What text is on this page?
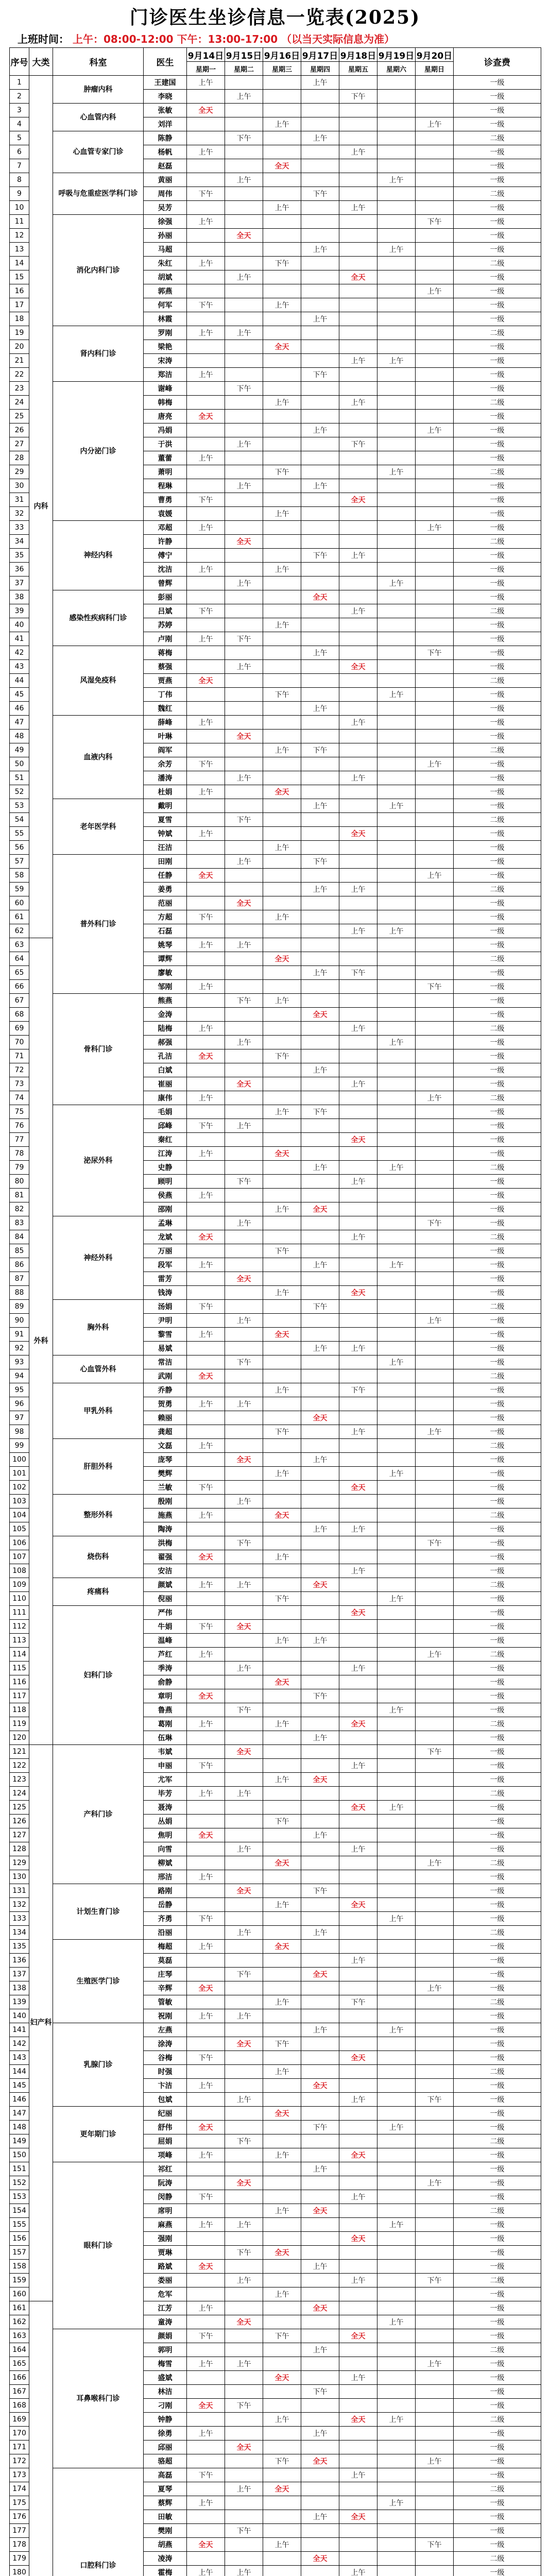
门诊医生坐诊信息一览表(2025)
上班时间： 上午：08:00-12:00 下午：13:00-17:00 （以当天实际信息为准）
序号	大类	科室	医生	9月14日	9月15日	9月16日	9月17日	9月18日	9月19日	9月20日	诊查费
				星期一	星期二	星期三	星期四	星期五	星期六	星期日	
1	内科	肿瘤内科	王建国	上午			上午				一级
2			李晓		上午			下午			一级
3		心血管内科	张敏	全天							一级
4			刘洋			上午				上午	一级
5		心血管专家门诊	陈静		下午		上午				二级
6			杨帆	上午				上午			一级
7			赵磊			全天					一级
8		呼吸与危重症医学科门诊	黄丽		上午				上午		一级
9			周伟	下午			下午				二级
10			吴芳			上午		上午			一级
11		消化内科门诊	徐强	上午						下午	一级
12			孙丽		全天						一级
13			马超				上午		上午		一级
14			朱红	上午		下午					二级
15			胡斌		上午			全天			一级
16			郭燕							上午	一级
17			何军	下午		上午					一级
18			林霞				上午				一级
19		肾内科门诊	罗刚	上午	上午						二级
20			梁艳			全天					一级
21			宋涛					上午	上午		一级
22			郑洁	上午			下午				一级
23		内分泌门诊	谢峰		下午						一级
24			韩梅			上午		上午			二级
25			唐亮	全天							一级
26			冯娟				上午			上午	一级
27			于洪		上午			下午			一级
28			董蕾	上午							一级
29			萧明			下午			上午		二级
30			程琳		上午		上午				一级
31			曹勇	下午				全天			一级
32			袁媛			上午					一级
33		神经内科	邓超	上午						上午	一级
34			许静		全天						二级
35			傅宁				下午	上午			一级
36			沈洁	上午		上午					一级
37			曾辉		上午				上午		一级
38		感染性疾病科门诊	彭丽				全天				一级
39			吕斌	下午				上午			二级
40			苏婷			上午					一级
41			卢刚	上午	下午						一级
42		风湿免疫科	蒋梅				上午			下午	一级
43			蔡强		上午			全天			一级
44			贾燕	全天							二级
45			丁伟			下午			上午		一级
46			魏红				上午				一级
47		血液内科	薛峰	上午				上午			一级
48			叶琳		全天						一级
49			阎军			上午	下午				二级
50			余芳	下午						上午	一级
51			潘涛		上午			上午			一级
52			杜娟	上午		全天					一级
53		老年医学科	戴明				上午		上午		一级
54			夏雪		下午						二级
55			钟斌	上午				全天			一级
56			汪洁			上午					一级
57		普外科门诊	田刚		上午		下午				一级
58			任静	全天						上午	一级
59			姜勇				上午	上午			二级
60			范丽		全天						一级
61			方超	下午		上午					一级
62			石磊					上午	上午		一级
63	外科		姚琴	上午	上午						一级
64			谭辉			全天					二级
65			廖敏				上午	下午			一级
66			邹刚	上午						下午	一级
67		骨科门诊	熊燕		下午	上午					一级
68			金涛				全天				一级
69			陆梅	上午				上午			二级
70			郝强		上午				上午		一级
71			孔洁	全天		下午					一级
72			白斌				上午				一级
73			崔丽		全天			上午			一级
74			康伟	上午						上午	二级
75		泌尿外科	毛娟			上午	下午				一级
76			邱峰	下午	上午						一级
77			秦红					全天			一级
78			江涛	上午		全天					一级
79			史静				上午		上午		二级
80			顾明		下午			上午			一级
81			侯燕	上午							一级
82			邵刚			上午	全天				一级
83		神经外科	孟琳		上午					下午	一级
84			龙斌	全天				上午			二级
85			万丽			下午					一级
86			段军	上午			上午		上午		一级
87			雷芳		全天						一级
88			钱涛			上午		全天			一级
89		胸外科	汤娟	下午			下午				二级
90			尹明		上午					上午	一级
91			黎雪	上午		全天					一级
92			易斌				上午	上午			一级
93		心血管外科	常洁		下午				上午		一级
94			武刚	全天							二级
95		甲乳外科	乔静			上午		下午			一级
96			贺勇	上午	上午						一级
97			赖丽				全天				一级
98			龚超			下午		上午		上午	一级
99		肝胆外科	文磊	上午							二级
100			庞琴		全天		上午				一级
101			樊辉			上午			上午		一级
102			兰敏	下午				全天			一级
103		整形外科	殷刚		上午						一级
104			施燕	上午		全天					二级
105			陶涛				上午	上午			一级
106		烧伤科	洪梅		下午					下午	一级
107			翟强	全天		上午					一级
108			安洁					上午			一级
109		疼痛科	颜斌	上午	上午		全天				二级
110			倪丽			下午			上午		一级
111		妇科门诊	严伟					全天			一级
112			牛娟	下午	全天						一级
113			温峰			上午	上午				一级
114			芦红	上午						上午	二级
115			季涛		上午			上午			一级
116			俞静			全天					一级
117			章明	全天			下午				一级
118			鲁燕		下午				上午		一级
119			葛刚	上午		上午		全天			二级
120			伍琳				上午				一级
121	妇产科	产科门诊	韦斌		全天					下午	一级
122			申丽	下午				上午			一级
123			尤军			上午	全天				一级
124			毕芳	上午	上午						二级
125			聂涛					全天	上午		一级
126			丛娟			下午					一级
127			焦明	全天			上午				一级
128			向雪		上午			上午			一级
129			柳斌			全天				上午	二级
130			邢洁	上午							一级
131		计划生育门诊	路刚		全天		下午				一级
132			岳静			上午		全天			一级
133			齐勇	下午					上午		一级
134			沿丽		上午		上午				二级
135		生殖医学门诊	梅超	上午		全天					一级
136			莫磊					上午			一级
137			庄琴		下午		全天				一级
138			辛辉	全天						上午	一级
139			管敏			上午		下午			二级
140			祝刚	上午	上午						一级
141		乳腺门诊	左燕				上午		上午		一级
142			涂涛		全天	下午					一级
143			谷梅	下午				全天			一级
144			时强			上午					二级
145			卞洁	上午			全天				一级
146			包斌		上午			上午		下午	一级
147		更年期门诊	纪丽			全天					一级
148			舒伟	全天			下午		上午		一级
149			屈娟		下午						二级
150			项峰	上午		上午		全天			一级
151		眼科门诊	祁红				上午				一级
152			阮涛		全天					上午	一级
153			闵静	下午				上午			一级
154			席明			上午	全天				二级
155			麻燕	上午	上午				上午		一级
156			强刚					全天			一级
157			贾琳		下午	全天					一级
158			路斌	全天			上午				一级
159			娄丽		上午			上午		下午	二级
160			危军			上午					一级
161			江芳	上午			全天				一级
162			童涛		全天				上午		一级
163		耳鼻喉科门诊	颜娟	下午		下午		全天			一级
164			郭明				上午				二级
165			梅雪	上午	上午					上午	一级
166			盛斌			全天		上午			一级
167			林洁				下午				一级
168			刁刚	全天	下午						一级
169			钟静			上午		全天	上午		二级
170			徐勇	上午			上午				一级
171			邱丽		全天						一级
172			骆超			下午	全天			上午	一级
173		口腔科门诊	高磊	下午				上午			一级
174			夏琴		上午	全天					二级
175			蔡辉	上午					上午		一级
176			田敏				上午	全天			一级
177			樊刚		下午						一级
178			胡燕	全天		上午				下午	一级
179			凌涛				全天				二级
180			霍梅	上午	上午			上午			一级
